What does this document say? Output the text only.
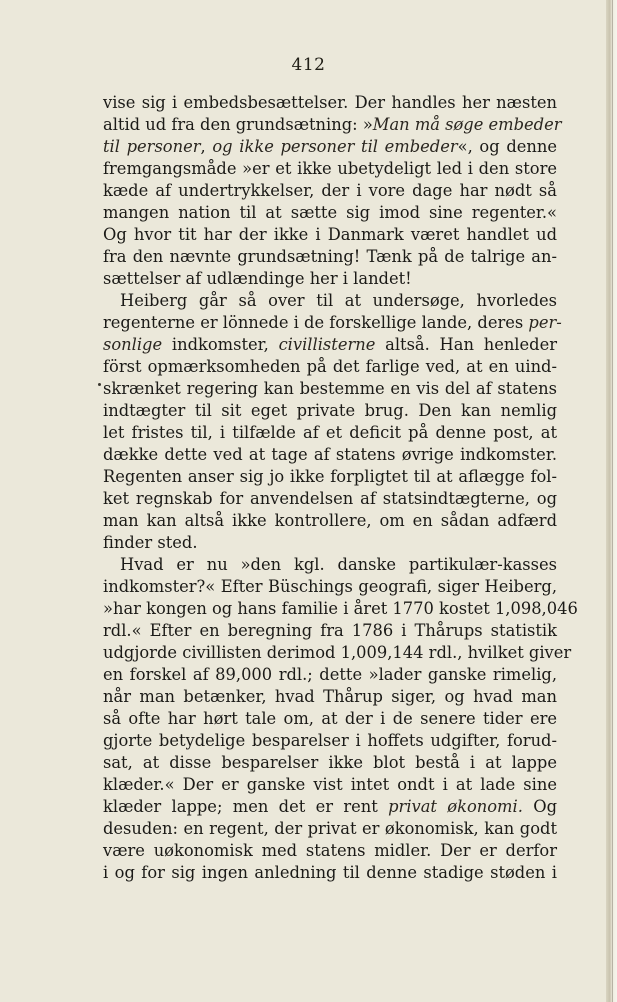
412
vise sig i embedsbesættelser. Der handles her næsten
altid ud fra den grundsætning: »Man må søge embeder
til personer, og ikke personer til embeder«, og denne
fremgangsmåde »er et ikke ubetydeligt led i den store
kæde af undertrykkelser, der i vore dage har nødt så
mangen nation til at sætte sig imod sine regenter.«
Og hvor tit har der ikke i Danmark været handlet ud
fra den nævnte grundsætning! Tænk på de talrige an-
sættelser af udlændinge her i landet!
Heiberg går så over til at undersøge, hvorledes
regenterne er lönnede i de forskellige lande, deres per-
sonlige indkomster, civillisterne altså. Han henleder
först opmærksomheden på det farlige ved, at en uind-
skrænket regering kan bestemme en vis del af statens
indtægter til sit eget private brug. Den kan nemlig
let fristes til, i tilfælde af et deficit på denne post, at
dække dette ved at tage af statens øvrige indkomster.
Regenten anser sig jo ikke forpligtet til at aflægge fol-
ket regnskab for anvendelsen af statsindtægterne, og
man kan altså ikke kontrollere, om en sådan adfærd
finder sted.
Hvad er nu »den kgl. danske partikulær-kasses
indkomster?« Efter Büschings geografi, siger Heiberg,
»har kongen og hans familie i året 1770 kostet 1,098,046
rdl.« Efter en beregning fra 1786 i Thårups statistik
udgjorde civillisten derimod 1,009,144 rdl., hvilket giver
en forskel af 89,000 rdl.; dette »lader ganske rimelig,
når man betænker, hvad Thårup siger, og hvad man
så ofte har hørt tale om, at der i de senere tider ere
gjorte betydelige besparelser i hoffets udgifter, forud-
sat, at disse besparelser ikke blot bestå i at lappe
klæder.« Der er ganske vist intet ondt i at lade sine
klæder lappe; men det er rent privat økonomi. Og
desuden: en regent, der privat er økonomisk, kan godt
være uøkonomisk med statens midler. Der er derfor
i og for sig ingen anledning til denne stadige støden i
